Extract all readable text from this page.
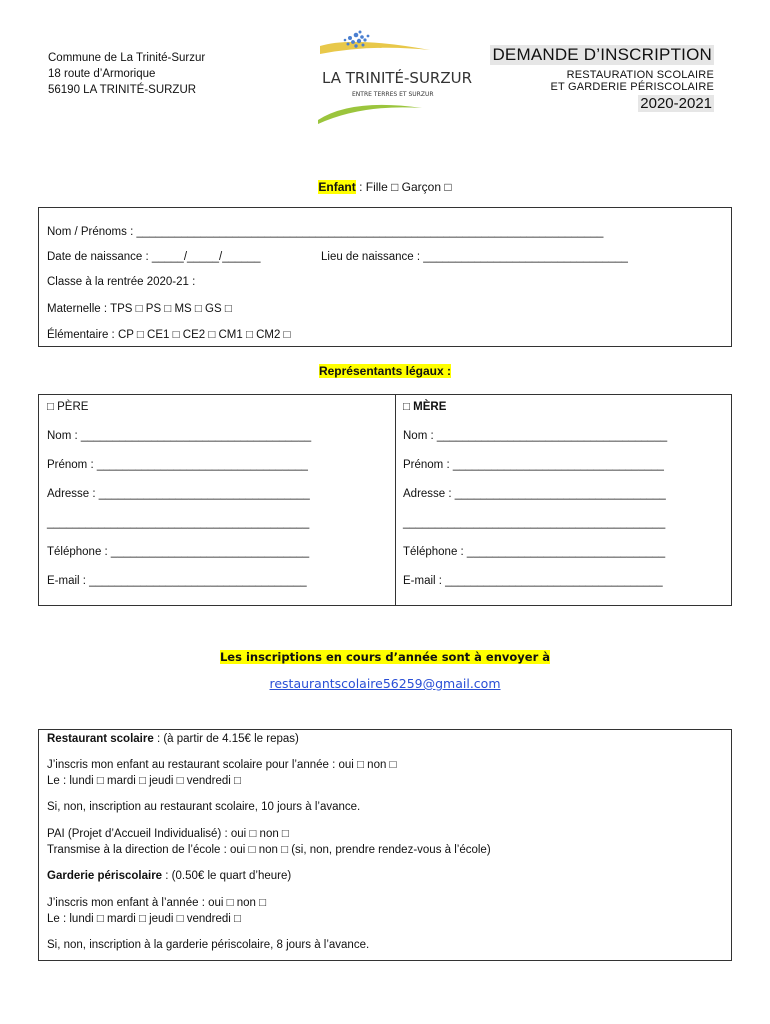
Commune de La Trinité-Surzur
18 route d’Armorique
56190 LA TRINITÉ-SURZUR
LA TRINITÉ-SURZUR
ENTRE TERRES ET SURZUR
DEMANDE D’INSCRIPTION
RESTAURATION SCOLAIRE
ET GARDERIE PÉRISCOLAIRE
2020-2021
Enfant : Fille □ Garçon □
Nom / Prénoms : _________________________________________________________________________
Date de naissance : _____/_____/______	Lieu de naissance : ________________________________
Classe à la rentrée 2020-21 :
Maternelle : TPS □ PS □ MS □ GS □
Élémentaire : CP □ CE1 □ CE2 □ CM1 □ CM2 □
Représentants légaux :
□ PÈRE
Nom : ____________________________________
Prénom : _________________________________
Adresse : _________________________________
_________________________________________
Téléphone : _______________________________
E-mail : __________________________________
□ MÈRE
Nom : ____________________________________
Prénom : _________________________________
Adresse : _________________________________
_________________________________________
Téléphone : _______________________________
E-mail : __________________________________
Les inscriptions en cours d’année sont à envoyer à
restaurantscolaire56259@gmail.com
Restaurant scolaire : (à partir de 4.15€ le repas)
J’inscris mon enfant au restaurant scolaire pour l’année : oui □ non □
Le : lundi □ mardi □ jeudi □ vendredi □
Si, non, inscription au restaurant scolaire, 10 jours à l’avance.
PAI (Projet d’Accueil Individualisé) : oui □ non □
Transmise à la direction de l’école : oui □ non □ (si, non, prendre rendez-vous à l’école)
Garderie périscolaire : (0.50€ le quart d’heure)
J’inscris mon enfant à l’année : oui □ non □
Le : lundi □ mardi □ jeudi □ vendredi □
Si, non, inscription à la garderie périscolaire, 8 jours à l’avance.
